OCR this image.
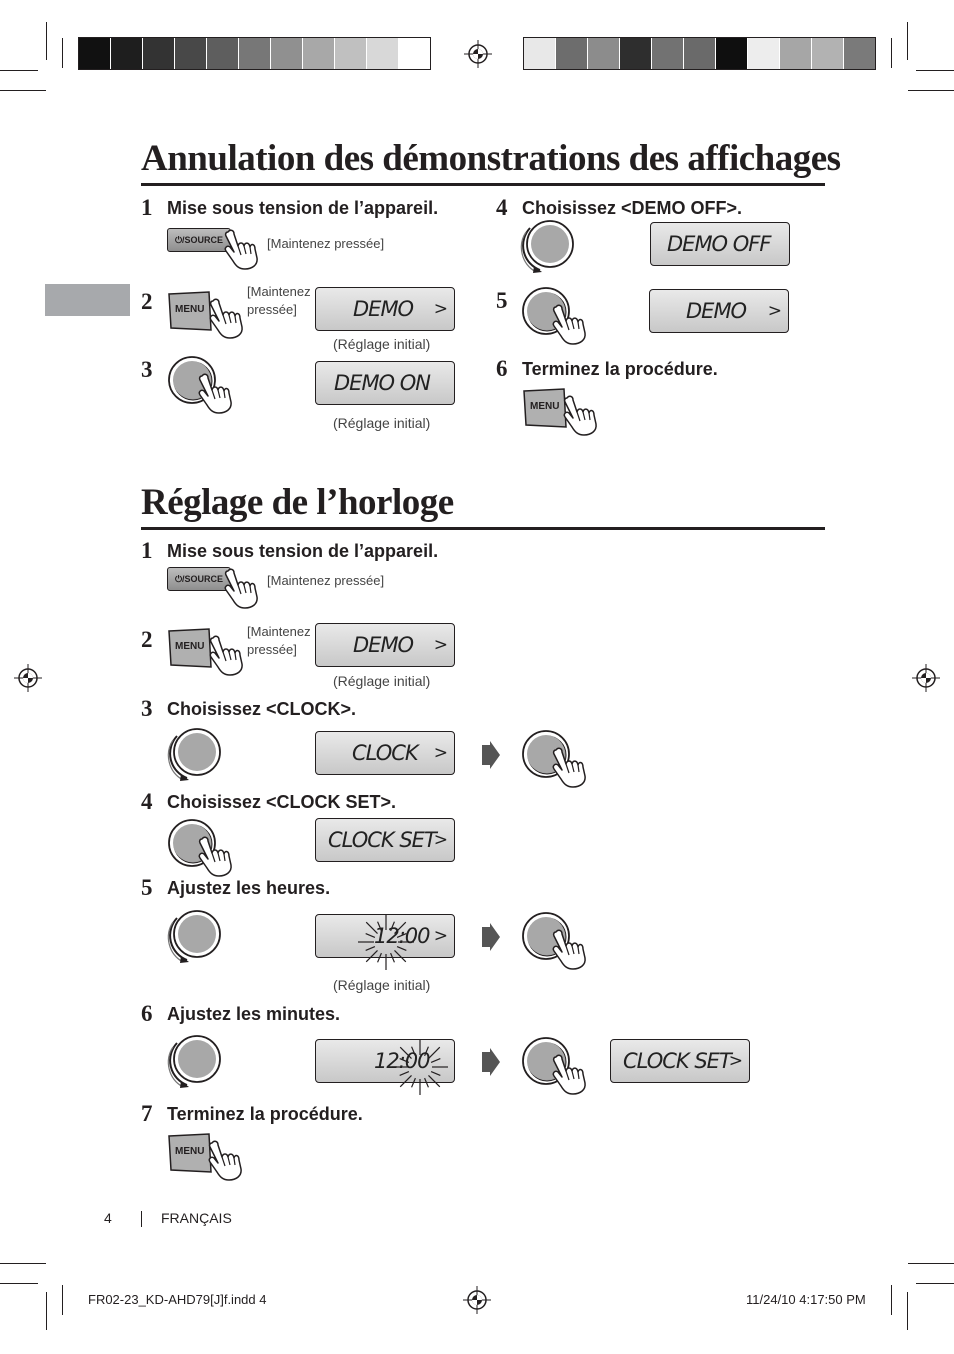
Annulation des démonstrations des affichages
1 Mise sous tension de l’appareil.
⏻/SOURCE	[Maintenez pressée]
2 MENU
[Maintenez
pressée]	DEMO >
(Réglage initial)
3
DEMO ON
(Réglage initial)
4 Choisissez <DEMO OFF>.
DEMO OFF
5	DEMO >
6 Terminez la procédure.
MENU
Réglage de l’horloge
1 Mise sous tension de l’appareil.
⏻/SOURCE	[Maintenez pressée]
2 MENU
[Maintenez
pressée]	DEMO >
(Réglage initial)
3 Choisissez <CLOCK>.
CLOCK >
4 Choisissez <CLOCK SET>.
CLOCK SET
>
5 Ajustez les heures.
12:00 >
(Réglage initial)
6 Ajustez les minutes.
12:00	CLOCK SET
>
7 Terminez la procédure.
MENU
4	FRANÇAIS
FR02-23_KD-AHD79[J]f.indd 4	11/24/10 4:17:50 PM
